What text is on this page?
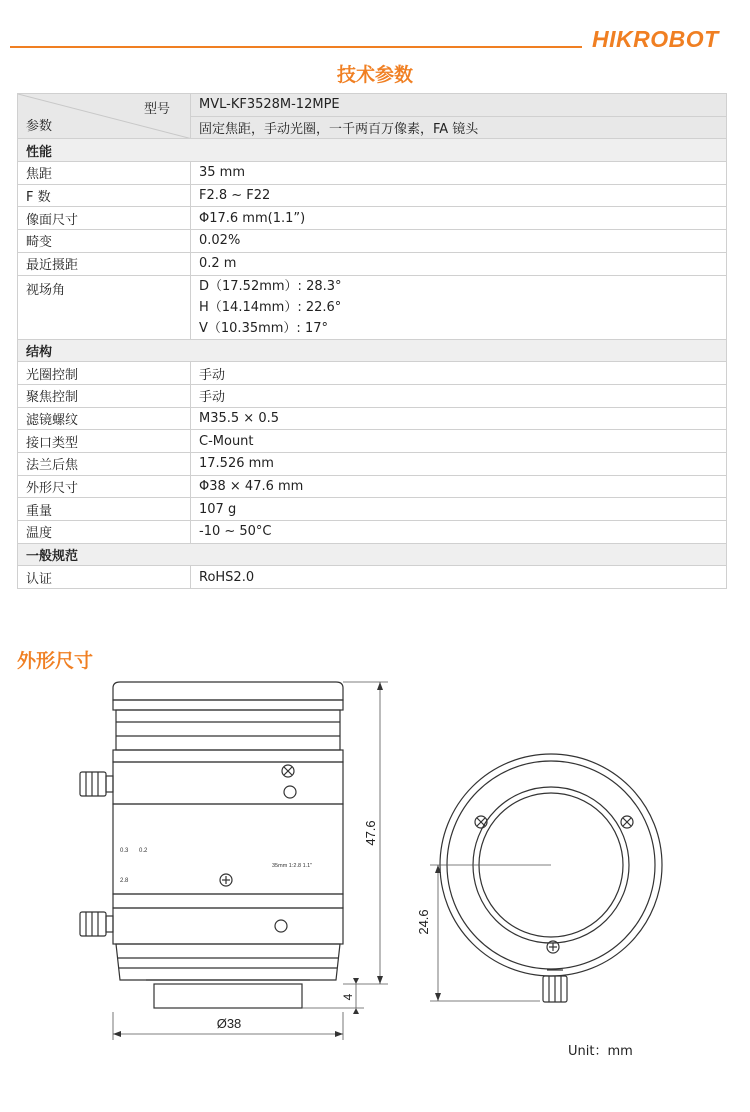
HIKROBOT
技术参数
型号
参数	MVL-KF3528M-12MPE
	固定焦距，手动光圈，一千两百万像素，FA 镜头
性能	
焦距	35 mm
F 数	F2.8 ~ F22
像面尺寸	Φ17.6 mm(1.1”)
畸变	0.02%
最近摄距	0.2 m
视场角	D（17.52mm）: 28.3°
H（14.14mm）: 22.6°
V（10.35mm）: 17°

结构	
光圈控制	手动
聚焦控制	手动
滤镜螺纹	M35.5 × 0.5
接口类型	C-Mount
法兰后焦	17.526 mm
外形尺寸	Φ38 × 47.6 mm
重量	107 g
温度	-10 ~ 50°C
一般规范	
认证	RoHS2.0
外形尺寸
47.6
4
Ø38
24.6
0.3 0.2
2.8
35mm 1:2.8 1.1"
Unit：mm
